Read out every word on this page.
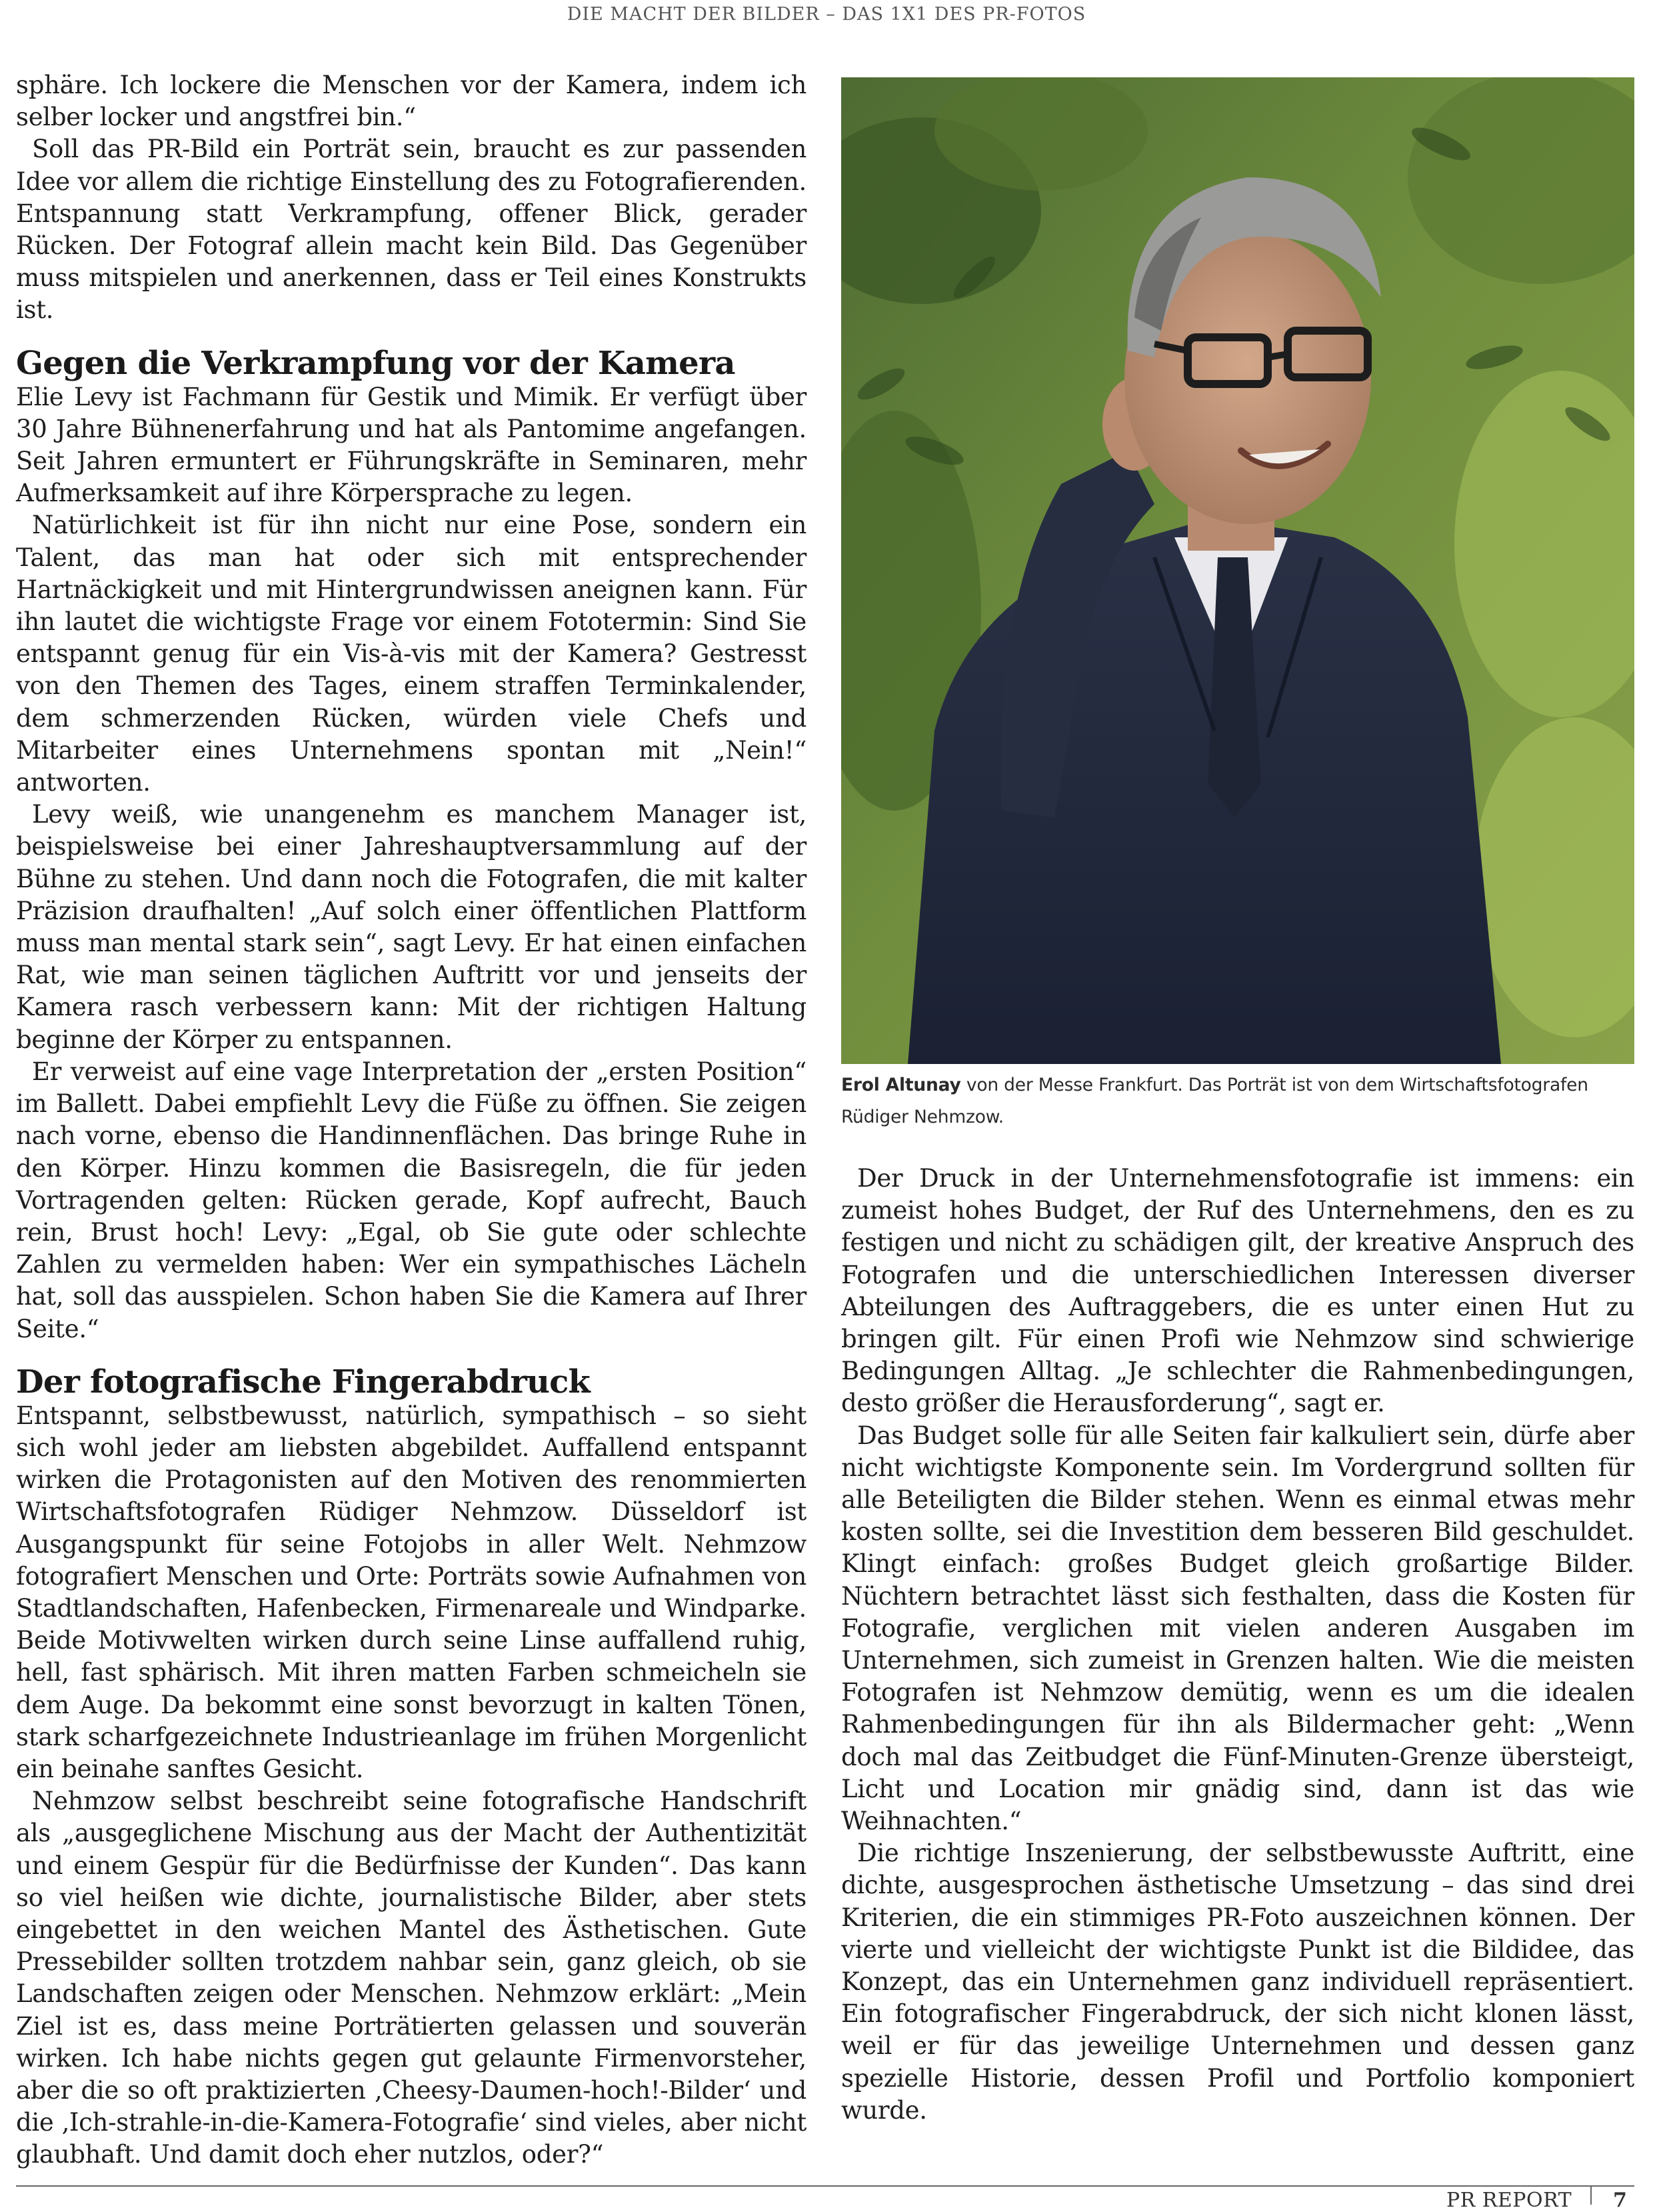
DIE MACHT DER BILDER – DAS 1X1 DES PR-FOTOS

sphäre. Ich lockere die Menschen vor der Kamera, indem ich selber locker und angstfrei bin.“

Soll das PR-Bild ein Porträt sein, braucht es zur passenden Idee vor allem die richtige Einstellung des zu Fotografierenden. Entspannung statt Verkrampfung, offener Blick, gerader Rücken. Der Fotograf allein macht kein Bild. Das Gegenüber muss mitspielen und anerkennen, dass er Teil eines Konstrukts ist.

Gegen die Verkrampfung vor der Kamera

Elie Levy ist Fachmann für Gestik und Mimik. Er verfügt über 30 Jahre Bühnenerfahrung und hat als Pantomime angefangen. Seit Jahren ermuntert er Führungskräfte in Seminaren, mehr Aufmerksamkeit auf ihre Körpersprache zu legen.

Natürlichkeit ist für ihn nicht nur eine Pose, sondern ein Talent, das man hat oder sich mit entsprechender Hartnäckigkeit und mit Hintergrundwissen aneignen kann. Für ihn lautet die wichtigste Frage vor einem Fototermin: Sind Sie entspannt genug für ein Vis-à-vis mit der Kamera? Gestresst von den Themen des Tages, einem straffen Terminkalender, dem schmerzenden Rücken, würden viele Chefs und Mitarbeiter eines Unternehmens spontan mit „Nein!“ antworten.

Levy weiß, wie unangenehm es manchem Manager ist, beispielsweise bei einer Jahreshauptversammlung auf der Bühne zu stehen. Und dann noch die Fotografen, die mit kalter Präzision draufhalten! „Auf solch einer öffentlichen Plattform muss man mental stark sein“, sagt Levy. Er hat einen einfachen Rat, wie man seinen täglichen Auftritt vor und jenseits der Kamera rasch verbessern kann: Mit der richtigen Haltung beginne der Körper zu entspannen.

Er verweist auf eine vage Interpretation der „ersten Position“ im Ballett. Dabei empfiehlt Levy die Füße zu öffnen. Sie zeigen nach vorne, ebenso die Handinnenflächen. Das bringe Ruhe in den Körper. Hinzu kommen die Basisregeln, die für jeden Vortragenden gelten: Rücken gerade, Kopf aufrecht, Bauch rein, Brust hoch! Levy: „Egal, ob Sie gute oder schlechte Zahlen zu vermelden haben: Wer ein sympathisches Lächeln hat, soll das ausspielen. Schon haben Sie die Kamera auf Ihrer Seite.“

Der fotografische Fingerabdruck

Entspannt, selbstbewusst, natürlich, sympathisch – so sieht sich wohl jeder am liebsten abgebildet. Auffallend entspannt wirken die Protagonisten auf den Motiven des renommierten Wirtschaftsfotografen Rüdiger Nehmzow. Düsseldorf ist Ausgangspunkt für seine Fotojobs in aller Welt. Nehmzow fotografiert Menschen und Orte: Porträts sowie Aufnahmen von Stadtlandschaften, Hafenbecken, Firmenareale und Windparke. Beide Motivwelten wirken durch seine Linse auffallend ruhig, hell, fast sphärisch. Mit ihren matten Farben schmeicheln sie dem Auge. Da bekommt eine sonst bevorzugt in kalten Tönen, stark scharfgezeichnete Industrieanlage im frühen Morgenlicht ein beinahe sanftes Gesicht.

Nehmzow selbst beschreibt seine fotografische Handschrift als „ausgeglichene Mischung aus der Macht der Authentizität und einem Gespür für die Bedürfnisse der Kunden“. Das kann so viel heißen wie dichte, journalistische Bilder, aber stets eingebettet in den weichen Mantel des Ästhetischen. Gute Pressebilder sollten trotzdem nahbar sein, ganz gleich, ob sie Landschaften zeigen oder Menschen. Nehmzow erklärt: „Mein Ziel ist es, dass meine Porträtierten gelassen und souverän wirken. Ich habe nichts gegen gut gelaunte Firmenvorsteher, aber die so oft praktizierten ‚Cheesy-Daumen-hoch!-Bilder‘ und die ‚Ich-strahle-in-die-Kamera-Fotografie‘ sind vieles, aber nicht glaubhaft. Und damit doch eher nutzlos, oder?“

Erol Altunay von der Messe Frankfurt. Das Porträt ist von dem Wirtschaftsfotografen Rüdiger Nehmzow.

Der Druck in der Unternehmensfotografie ist immens: ein zumeist hohes Budget, der Ruf des Unternehmens, den es zu festigen und nicht zu schädigen gilt, der kreative Anspruch des Fotografen und die unterschiedlichen Interessen diverser Abteilungen des Auftraggebers, die es unter einen Hut zu bringen gilt. Für einen Profi wie Nehmzow sind schwierige Bedingungen Alltag. „Je schlechter die Rahmenbedingungen, desto größer die Herausforderung“, sagt er.

Das Budget solle für alle Seiten fair kalkuliert sein, dürfe aber nicht wichtigste Komponente sein. Im Vordergrund sollten für alle Beteiligten die Bilder stehen. Wenn es einmal etwas mehr kosten sollte, sei die Investition dem besseren Bild geschuldet. Klingt einfach: großes Budget gleich großartige Bilder. Nüchtern betrachtet lässt sich festhalten, dass die Kosten für Fotografie, verglichen mit vielen anderen Ausgaben im Unternehmen, sich zumeist in Grenzen halten. Wie die meisten Fotografen ist Nehmzow demütig, wenn es um die idealen Rahmenbedingungen für ihn als Bildermacher geht: „Wenn doch mal das Zeitbudget die Fünf-Minuten-Grenze übersteigt, Licht und Location mir gnädig sind, dann ist das wie Weihnachten.“

Die richtige Inszenierung, der selbstbewusste Auftritt, eine dichte, ausgesprochen ästhetische Umsetzung – das sind drei Kriterien, die ein stimmiges PR-Foto auszeichnen können. Der vierte und vielleicht der wichtigste Punkt ist die Bildidee, das Konzept, das ein Unternehmen ganz individuell repräsentiert. Ein fotografischer Fingerabdruck, der sich nicht klonen lässt, weil er für das jeweilige Unternehmen und dessen ganz spezielle Historie, dessen Profil und Portfolio komponiert wurde.

PR REPORT 7
